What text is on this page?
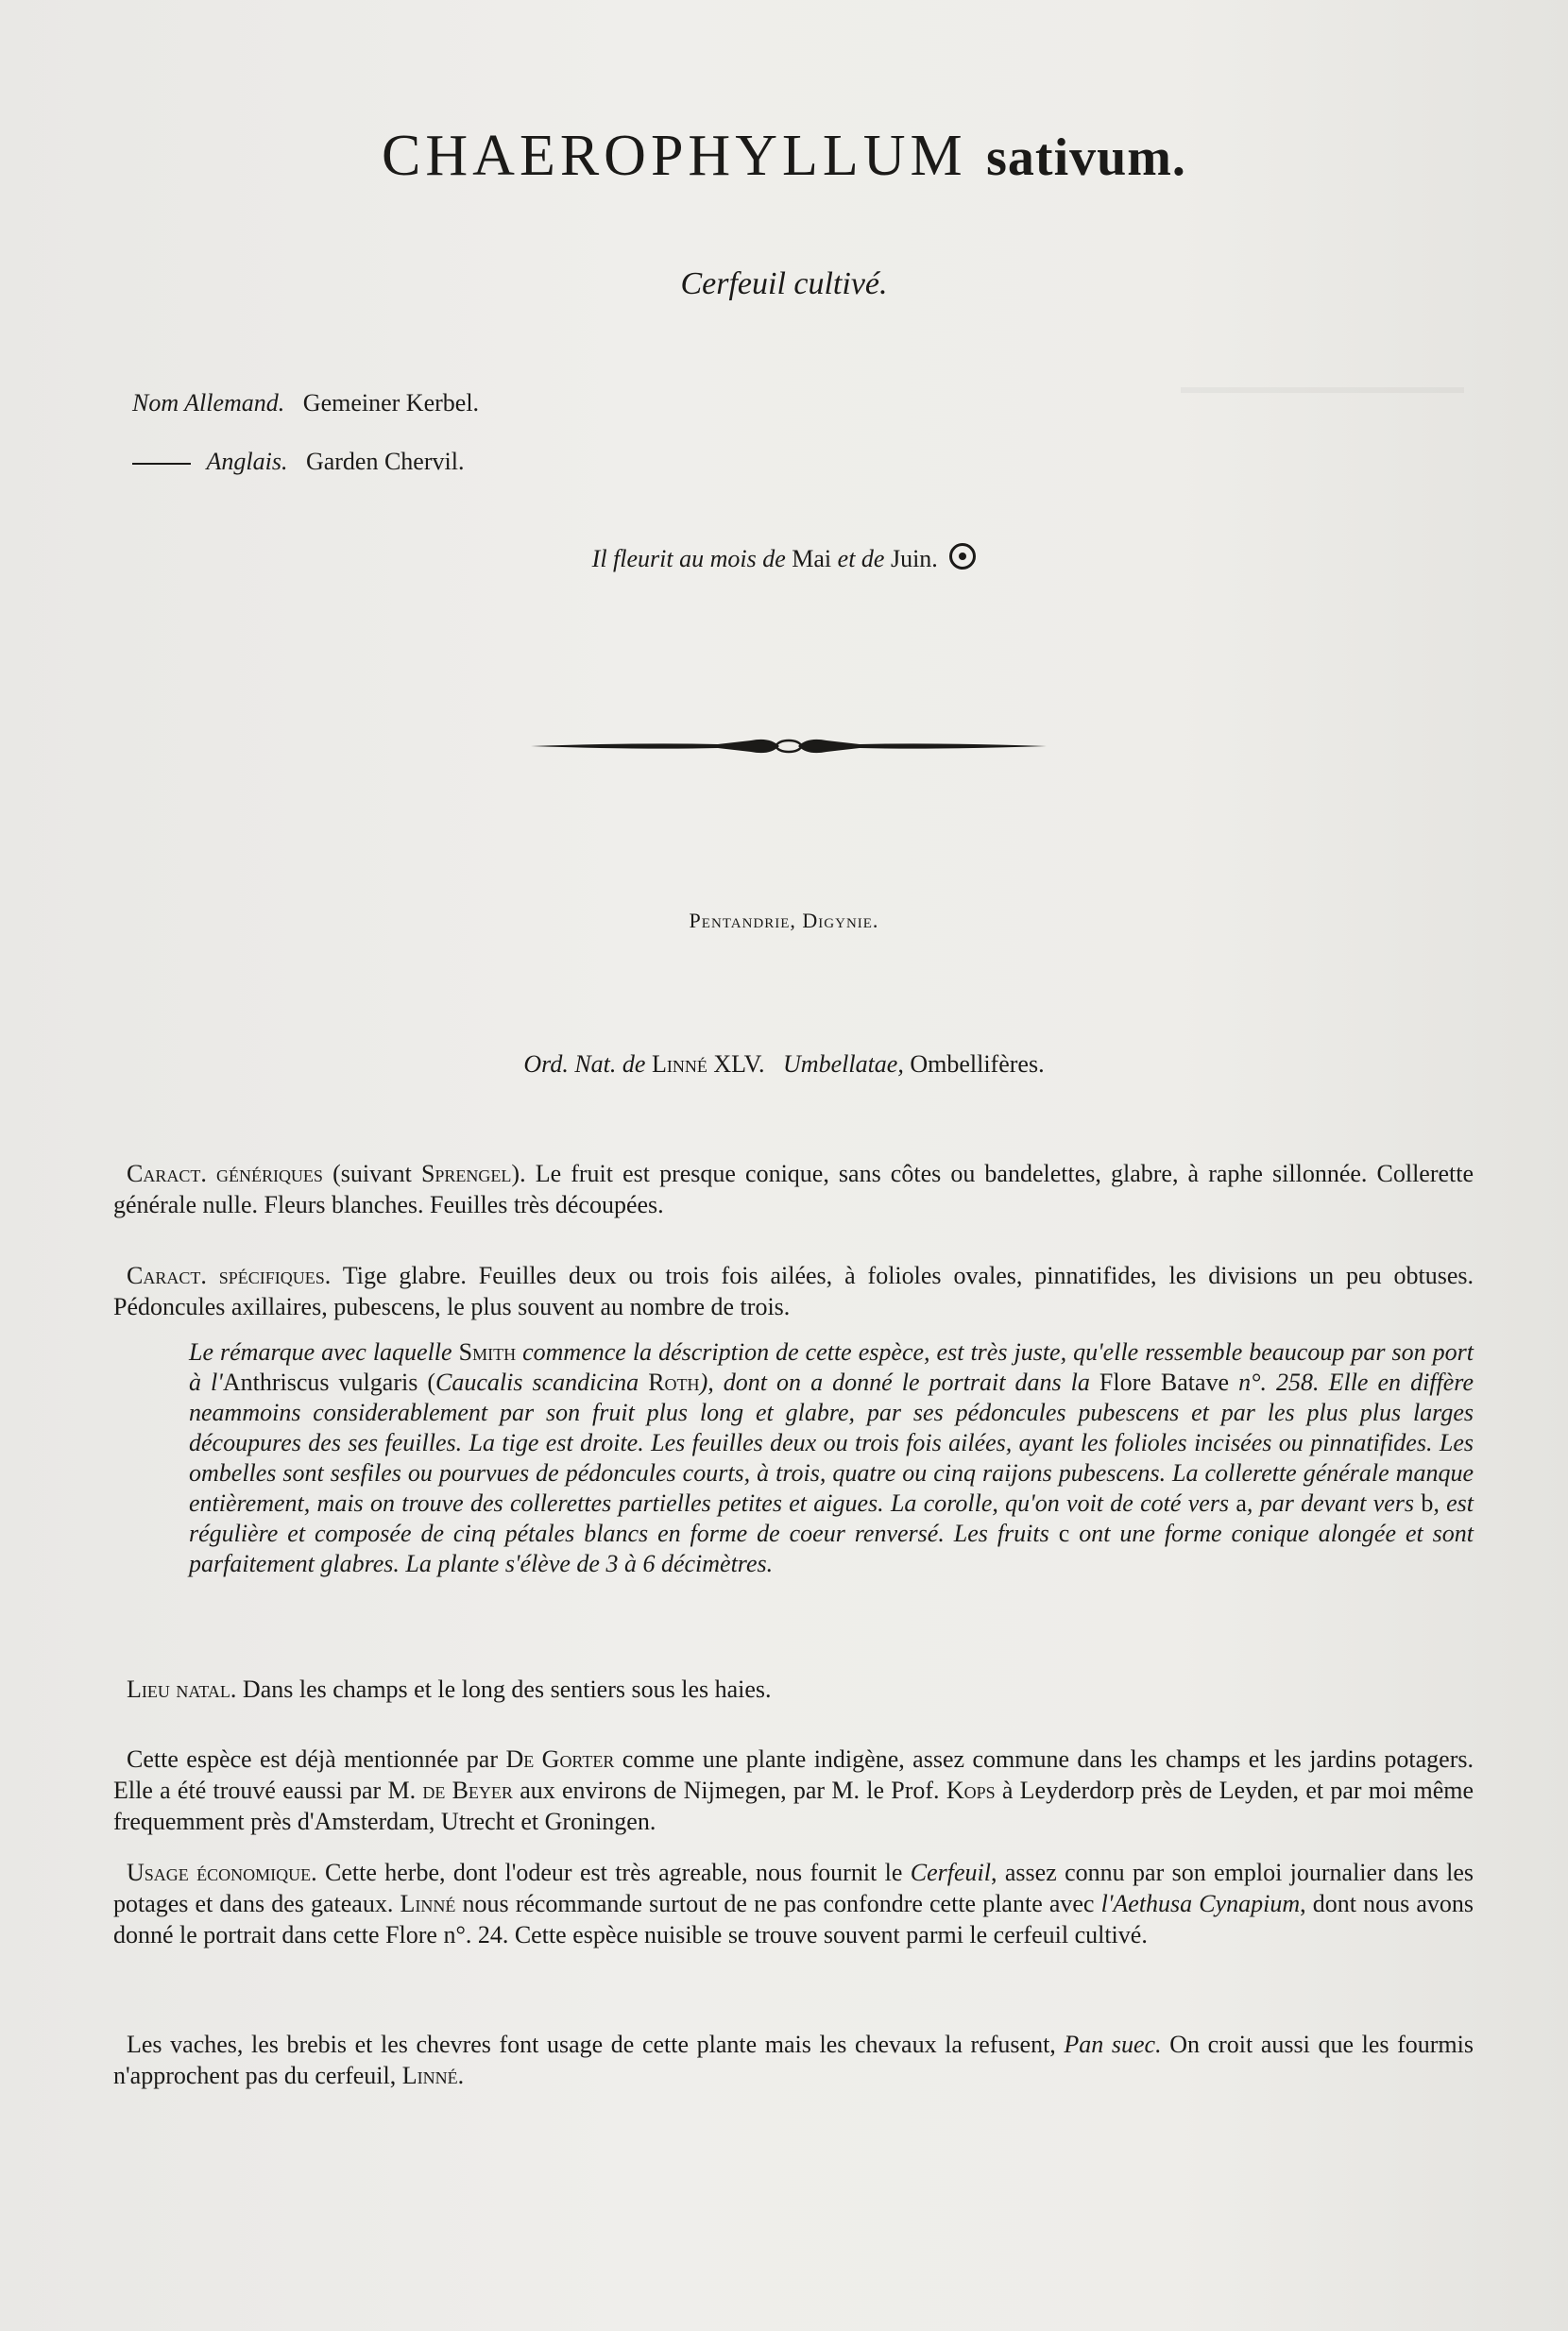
CHAEROPHYLLUM sativum.
Cerfeuil cultivé.
Nom Allemand. Gemeiner Kerbel.
Anglais. Garden Chervil.
Il fleurit au mois de Mai et de Juin.
Pentandrie, Digynie.
Ord. Nat. de Linné XLV. Umbellatae, Ombellifères.

Caract. génériques (suivant Sprengel). Le fruit est presque conique, sans côtes ou bandelettes, glabre, à raphe sillonnée. Collerette générale nulle. Fleurs blanches. Feuilles très découpées.

Caract. spécifiques. Tige glabre. Feuilles deux ou trois fois ailées, à folioles ovales, pinnatifides, les divisions un peu obtuses. Pédoncules axillaires, pubescens, le plus souvent au nombre de trois.

Le rémarque avec laquelle Smith commence la déscription de cette espèce, est très juste, qu'elle ressemble beaucoup par son port à l'Anthriscus vulgaris (Caucalis scandicina Roth), dont on a donné le portrait dans la Flore Batave n°. 258. Elle en diffère neammoins considerablement par son fruit plus long et glabre, par ses pédoncules pubescens et par les plus plus larges découpures des ses feuilles. La tige est droite. Les feuilles deux ou trois fois ailées, ayant les folioles incisées ou pinnatifides. Les ombelles sont sesfiles ou pourvues de pédoncules courts, à trois, quatre ou cinq raijons pubescens. La collerette générale manque entièrement, mais on trouve des collerettes partielles petites et aigues. La corolle, qu'on voit de coté vers a, par devant vers b, est régulière et composée de cinq pétales blancs en forme de coeur renversé. Les fruits c ont une forme conique alongée et sont parfaitement glabres. La plante s'élève de 3 à 6 décimètres.

Lieu natal. Dans les champs et le long des sentiers sous les haies.

Cette espèce est déjà mentionnée par De Gorter comme une plante indigène, assez commune dans les champs et les jardins potagers. Elle a été trouvé eaussi par M. de Beyer aux environs de Nijmegen, par M. le Prof. Kops à Leyderdorp près de Leyden, et par moi même frequemment près d'Amsterdam, Utrecht et Groningen.

Usage économique. Cette herbe, dont l'odeur est très agreable, nous fournit le Cerfeuil, assez connu par son emploi journalier dans les potages et dans des gateaux. Linné nous récommande surtout de ne pas confondre cette plante avec l'Aethusa Cynapium, dont nous avons donné le portrait dans cette Flore n°. 24. Cette espèce nuisible se trouve souvent parmi le cerfeuil cultivé.

Les vaches, les brebis et les chevres font usage de cette plante mais les chevaux la refusent, Pan suec. On croit aussi que les fourmis n'approchent pas du cerfeuil, Linné.
